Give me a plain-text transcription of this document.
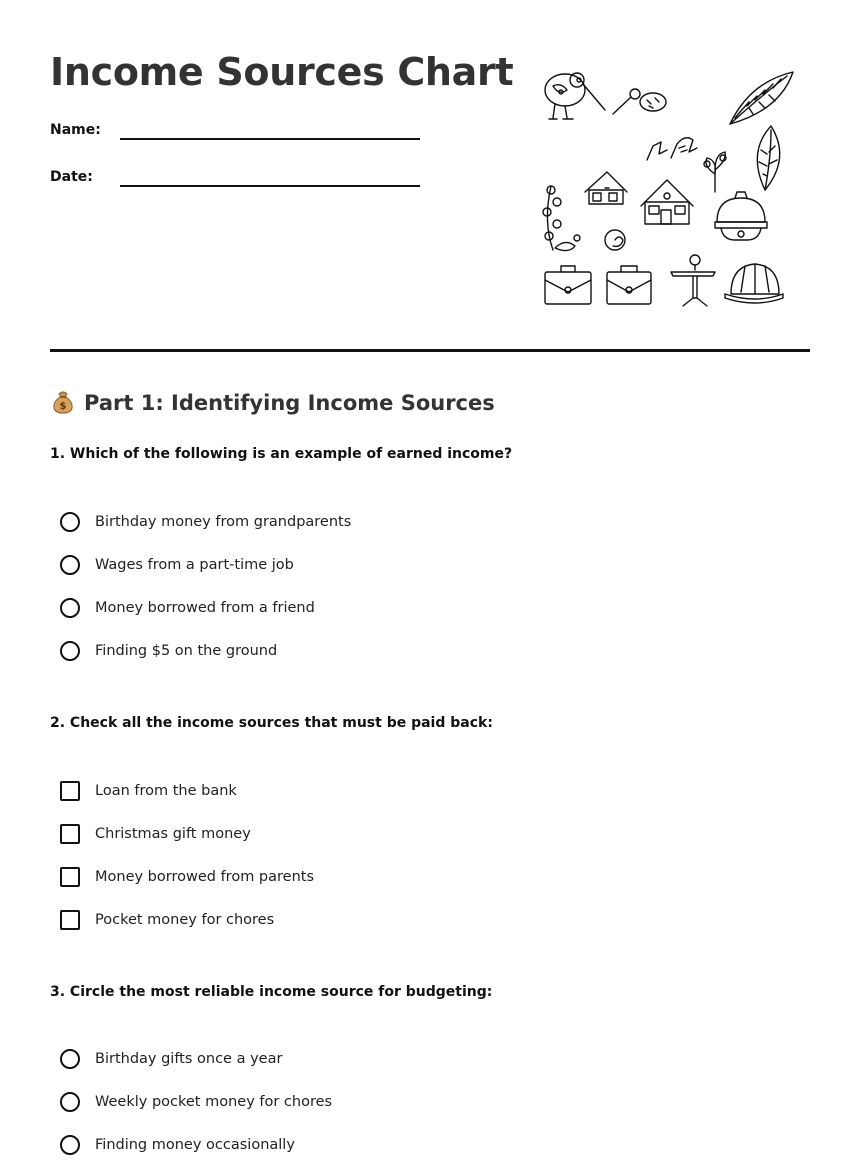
Income Sources Chart
Name:
Date:
$ Part 1: Identifying Income Sources
1. Which of the following is an example of earned income?
Birthday money from grandparents
Wages from a part-time job
Money borrowed from a friend
Finding $5 on the ground
2. Check all the income sources that must be paid back:
Loan from the bank
Christmas gift money
Money borrowed from parents
Pocket money for chores
3. Circle the most reliable income source for budgeting:
Birthday gifts once a year
Weekly pocket money for chores
Finding money occasionally
